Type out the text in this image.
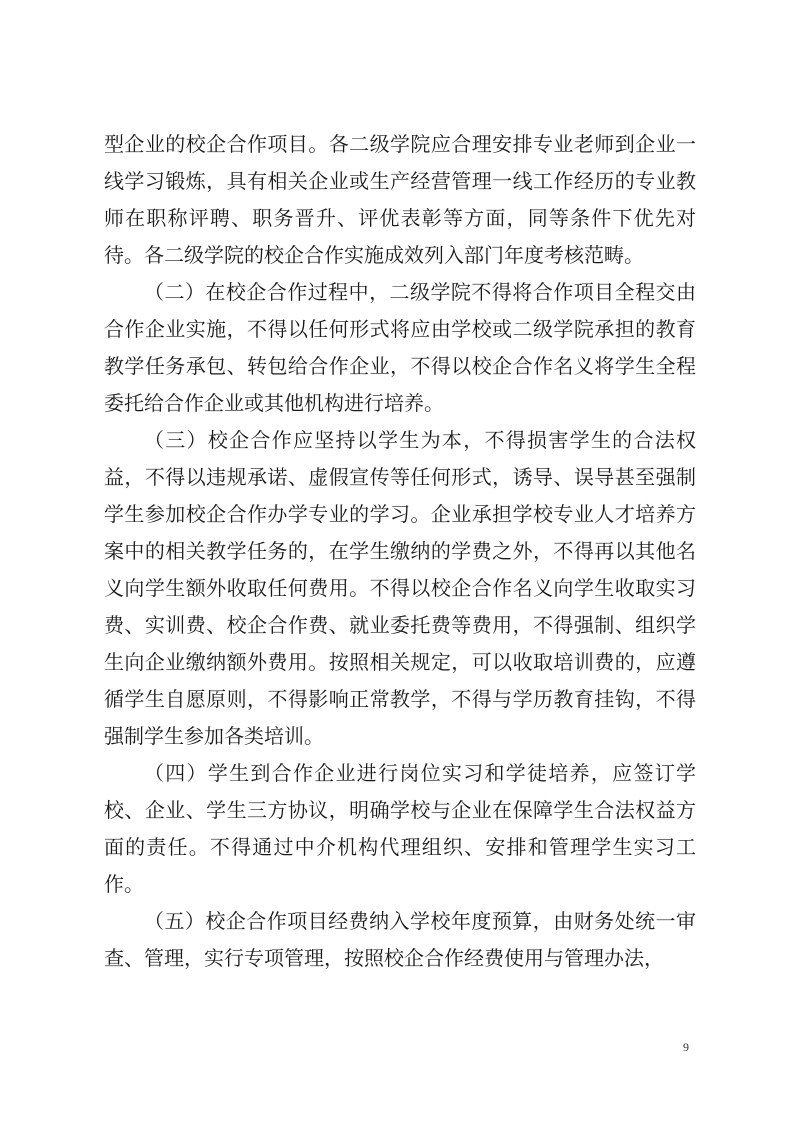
型企业的校企合作项目。各二级学院应合理安排专业老师到企业一线学习锻炼，具有相关企业或生产经营管理一线工作经历的专业教师在职称评聘、职务晋升、评优表彰等方面，同等条件下优先对待。各二级学院的校企合作实施成效列入部门年度考核范畴。

（二）在校企合作过程中，二级学院不得将合作项目全程交由合作企业实施，不得以任何形式将应由学校或二级学院承担的教育教学任务承包、转包给合作企业，不得以校企合作名义将学生全程委托给合作企业或其他机构进行培养。

（三）校企合作应坚持以学生为本，不得损害学生的合法权益，不得以违规承诺、虚假宣传等任何形式，诱导、误导甚至强制学生参加校企合作办学专业的学习。企业承担学校专业人才培养方案中的相关教学任务的，在学生缴纳的学费之外，不得再以其他名义向学生额外收取任何费用。不得以校企合作名义向学生收取实习费、实训费、校企合作费、就业委托费等费用，不得强制、组织学生向企业缴纳额外费用。按照相关规定，可以收取培训费的，应遵循学生自愿原则，不得影响正常教学，不得与学历教育挂钩，不得强制学生参加各类培训。

（四）学生到合作企业进行岗位实习和学徒培养，应签订学校、企业、学生三方协议，明确学校与企业在保障学生合法权益方面的责任。不得通过中介机构代理组织、安排和管理学生实习工作。

（五）校企合作项目经费纳入学校年度预算，由财务处统一审查、管理，实行专项管理，按照校企合作经费使用与管理办法，

9
